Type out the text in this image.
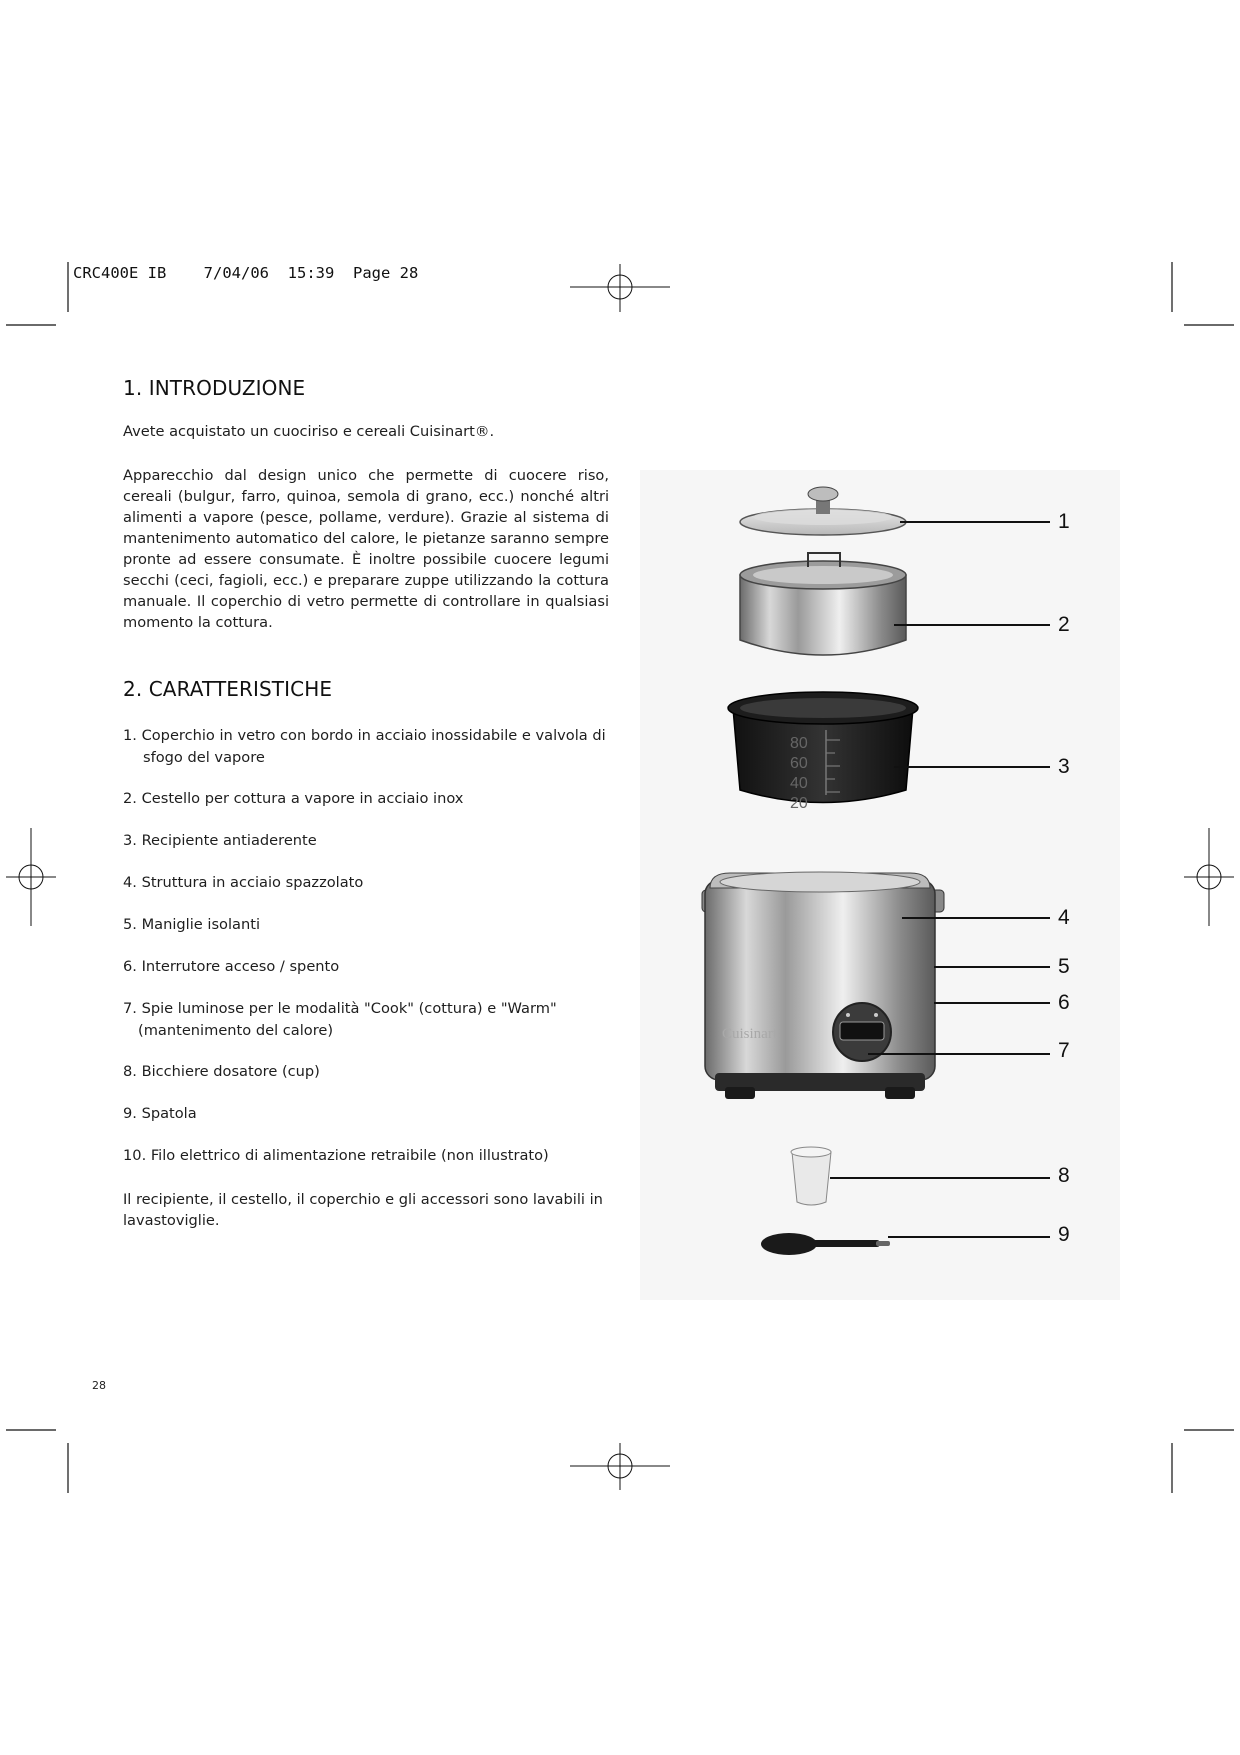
CRC400E IB 7/04/06 15:39 Page 28
1. INTRODUZIONE

Avete acquistato un cuociriso e cereali Cuisinart®.

Apparecchio dal design unico che permette di cuocere riso, cereali (bulgur, farro, quinoa, semola di grano, ecc.) nonché altri alimenti a vapore (pesce, pollame, verdure). Grazie al sistema di mantenimento automatico del calore, le pietanze saranno sempre pronte ad essere consumate. È inoltre possibile cuocere legumi secchi (ceci, fagioli, ecc.) e preparare zuppe utilizzando la cottura manuale. Il coperchio di vetro permette di controllare in qualsiasi momento la cottura.

2. CARATTERISTICHE

1. Coperchio in vetro con bordo in acciaio inossidabile e valvola di
sfogo del vapore

2. Cestello per cottura a vapore in acciaio inox

3. Recipiente antiaderente

4. Struttura in acciaio spazzolato

5. Maniglie isolanti

6. Interrutore acceso / spento

7. Spie luminose per le modalità "Cook" (cottura) e "Warm"
(mantenimento del calore)

8. Bicchiere dosatore (cup)

9. Spatola

10. Filo elettrico di alimentazione retraibile (non illustrato)

Il recipiente, il cestello, il coperchio e gli accessori sono lavabili in lavastoviglie.

80
60
40
20
Cuisinart
1
2
3
4
5
6
7
8
9
28
